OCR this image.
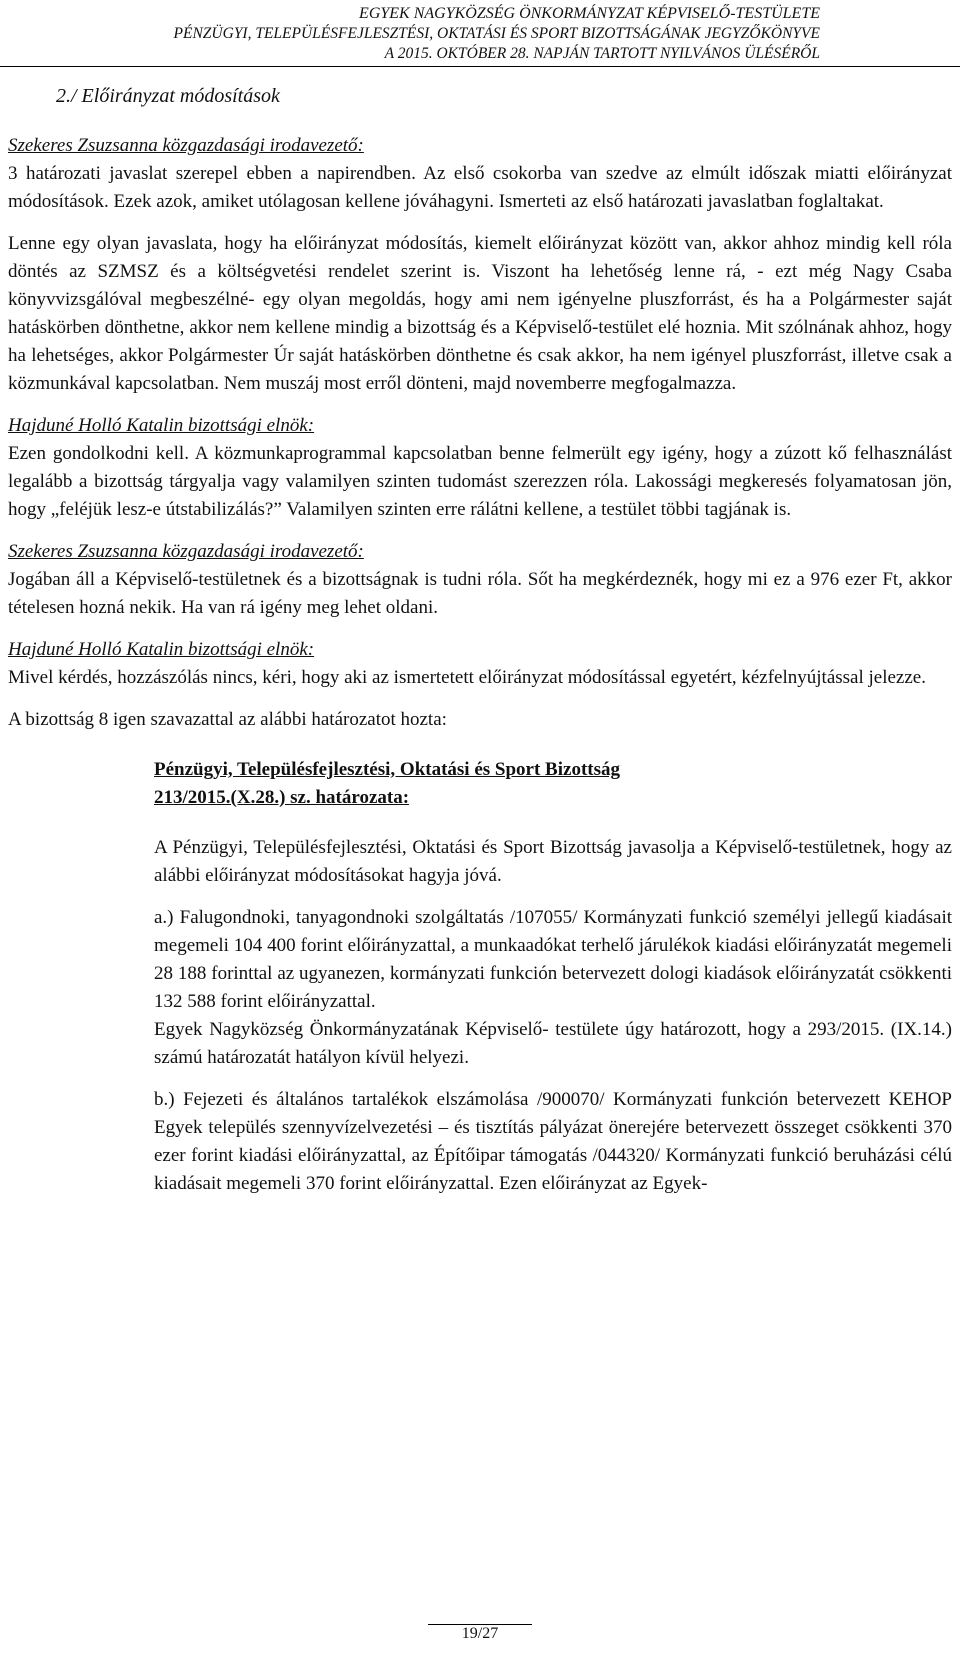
EGYEK NAGYKÖZSÉG ÖNKORMÁNYZAT KÉPVISELŐ-TESTÜLETE
PÉNZÜGYI, TELEPÜLÉSFEJLESZTÉSI, OKTATÁSI ÉS SPORT BIZOTTSÁGÁNAK JEGYZŐKÖNYVE
A 2015. OKTÓBER 28. NAPJÁN TARTOTT NYILVÁNOS ÜLÉSÉRŐL

2./ Előirányzat módosítások

Szekeres Zsuzsanna közgazdasági irodavezető:

3 határozati javaslat szerepel ebben a napirendben. Az első csokorba van szedve az elmúlt időszak miatti előirányzat módosítások. Ezek azok, amiket utólagosan kellene jóváhagyni. Ismerteti az első határozati javaslatban foglaltakat.

Lenne egy olyan javaslata, hogy ha előirányzat módosítás, kiemelt előirányzat között van, akkor ahhoz mindig kell róla döntés az SZMSZ és a költségvetési rendelet szerint is. Viszont ha lehetőség lenne rá, - ezt még Nagy Csaba könyvvizsgálóval megbeszélné- egy olyan megoldás, hogy ami nem igényelne pluszforrást, és ha a Polgármester saját hatáskörben dönthetne, akkor nem kellene mindig a bizottság és a Képviselő-testület elé hoznia. Mit szólnának ahhoz, hogy ha lehetséges, akkor Polgármester Úr saját hatáskörben dönthetne és csak akkor, ha nem igényel pluszforrást, illetve csak a közmunkával kapcsolatban. Nem muszáj most erről dönteni, majd novemberre megfogalmazza.

Hajduné Holló Katalin bizottsági elnök:

Ezen gondolkodni kell. A közmunkaprogrammal kapcsolatban benne felmerült egy igény, hogy a zúzott kő felhasználást legalább a bizottság tárgyalja vagy valamilyen szinten tudomást szerezzen róla. Lakossági megkeresés folyamatosan jön, hogy „feléjük lesz-e útstabilizálás?” Valamilyen szinten erre rálátni kellene, a testület többi tagjának is.

Szekeres Zsuzsanna közgazdasági irodavezető:

Jogában áll a Képviselő-testületnek és a bizottságnak is tudni róla. Sőt ha megkérdeznék, hogy mi ez a 976 ezer Ft, akkor tételesen hozná nekik. Ha van rá igény meg lehet oldani.

Hajduné Holló Katalin bizottsági elnök:

Mivel kérdés, hozzászólás nincs, kéri, hogy aki az ismertetett előirányzat módosítással egyetért, kézfelnyújtással jelezze.

A bizottság 8 igen szavazattal az alábbi határozatot hozta:

Pénzügyi, Településfejlesztési, Oktatási és Sport Bizottság

213/2015.(X.28.) sz. határozata:

A Pénzügyi, Településfejlesztési, Oktatási és Sport Bizottság javasolja a Képviselő-testületnek, hogy az alábbi előirányzat módosításokat hagyja jóvá.

a.) Falugondnoki, tanyagondnoki szolgáltatás /107055/ Kormányzati funkció személyi jellegű kiadásait megemeli 104 400 forint előirányzattal, a munkaadókat terhelő járulékok kiadási előirányzatát megemeli 28 188 forinttal az ugyanezen, kormányzati funkción betervezett dologi kiadások előirányzatát csökkenti 132 588 forint előirányzattal.

Egyek Nagyközség Önkormányzatának Képviselő- testülete úgy határozott, hogy a 293/2015. (IX.14.) számú határozatát hatályon kívül helyezi.

b.) Fejezeti és általános tartalékok elszámolása /900070/ Kormányzati funkción betervezett KEHOP Egyek település szennyvízelvezetési – és tisztítás pályázat önerejére betervezett összeget csökkenti 370 ezer forint kiadási előirányzattal, az Építőipar támogatás /044320/ Kormányzati funkció beruházási célú kiadásait megemeli 370 forint előirányzattal. Ezen előirányzat az Egyek-

19/27
